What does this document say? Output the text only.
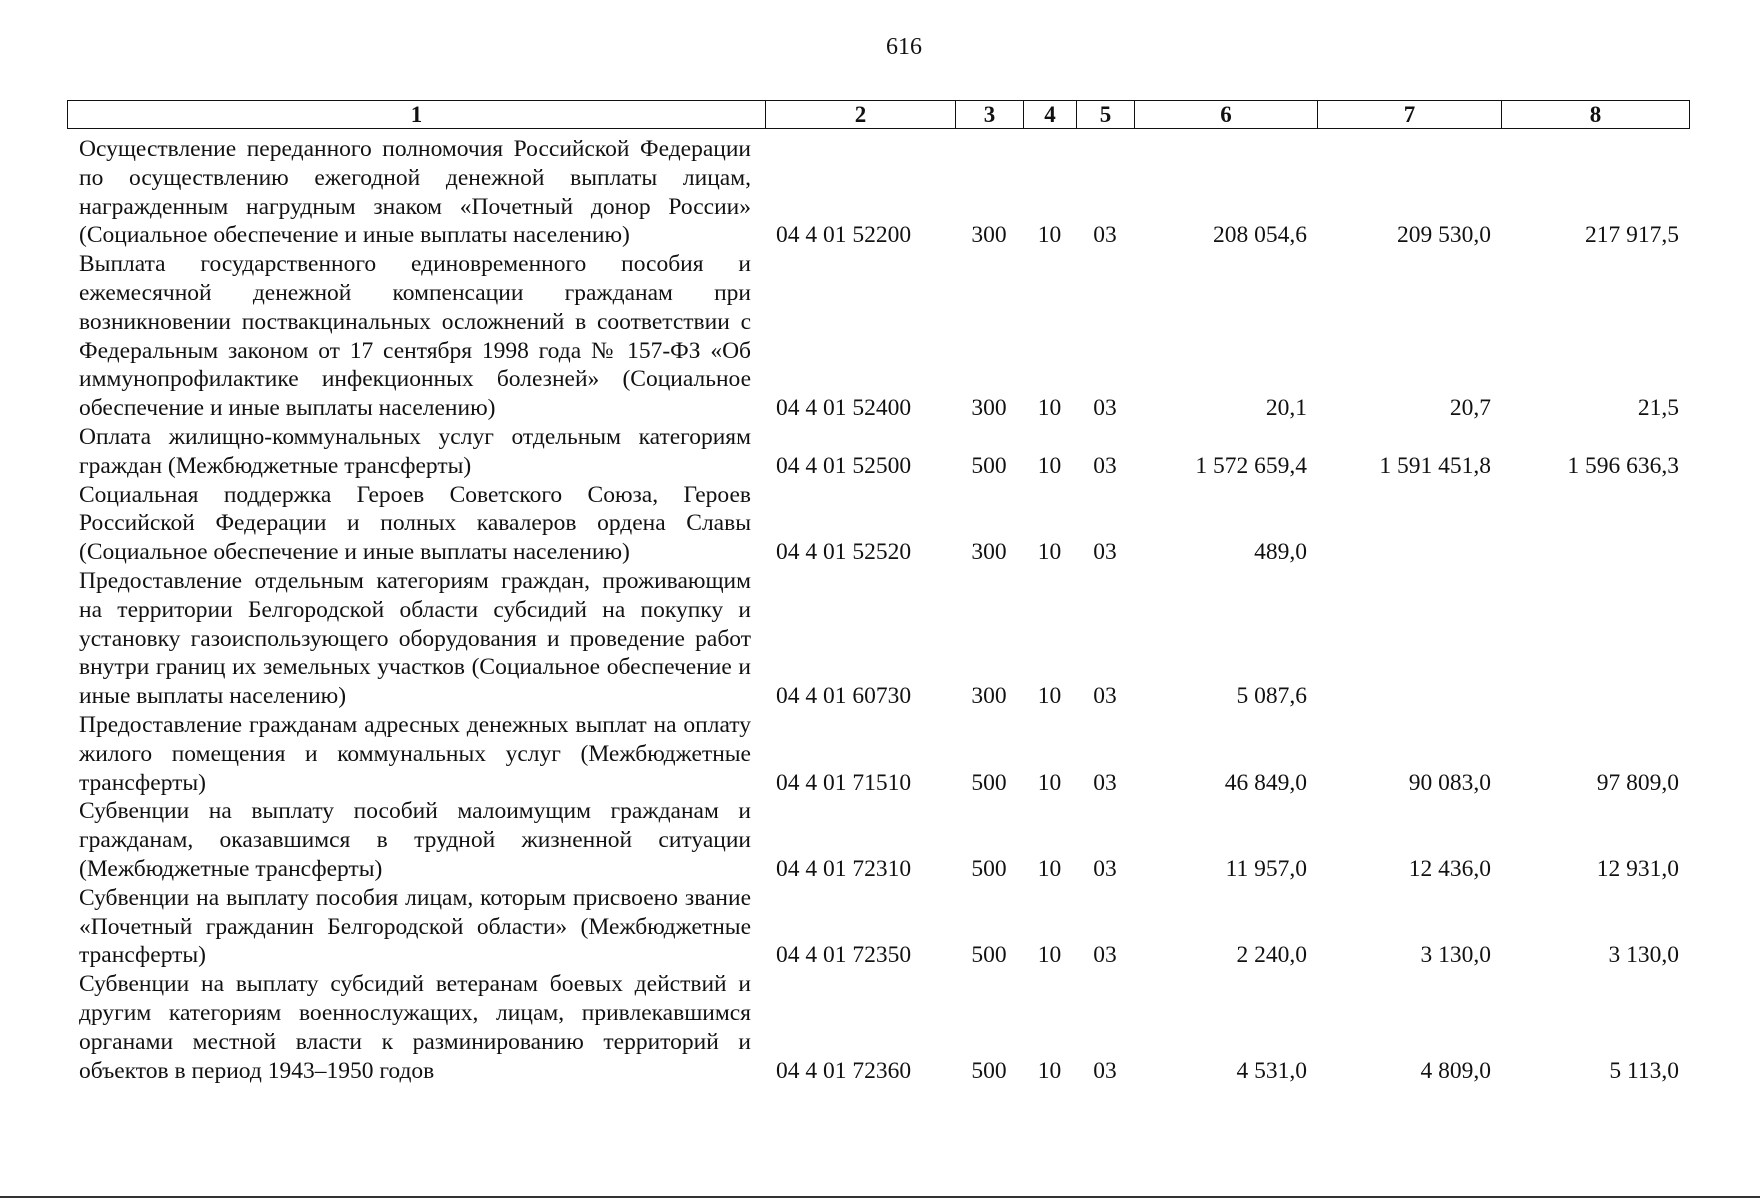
616
1	2	3	4	5	6	7	8
Осуществление переданного полномочия Российской Федерации по осуществлению ежегодной денежной выплаты лицам, награжденным нагрудным знаком «Почетный донор России» (Социальное обеспечение и иные выплаты населению)	04 4 01 52200	300	10	03	208 054,6	209 530,0	217 917,5
Выплата государственного единовременного пособия и ежемесячной денежной компенсации гражданам при возникновении поствакцинальных осложнений в соответствии с Федеральным законом от 17 сентября 1998 года № 157-ФЗ «Об иммунопрофилактике инфекционных болезней» (Социальное обеспечение и иные выплаты населению)	04 4 01 52400	300	10	03	20,1	20,7	21,5
Оплата жилищно-коммунальных услуг отдельным категориям граждан (Межбюджетные трансферты)	04 4 01 52500	500	10	03	1 572 659,4	1 591 451,8	1 596 636,3
Социальная поддержка Героев Советского Союза, Героев Российской Федерации и полных кавалеров ордена Славы (Социальное обеспечение и иные выплаты населению)	04 4 01 52520	300	10	03	489,0		
Предоставление отдельным категориям граждан, проживающим на территории Белгородской области субсидий на покупку и установку газоиспользующего оборудования и проведение работ внутри границ их земельных участков (Социальное обеспечение и иные выплаты населению)	04 4 01 60730	300	10	03	5 087,6		
Предоставление гражданам адресных денежных выплат на оплату жилого помещения и коммунальных услуг (Межбюджетные трансферты)	04 4 01 71510	500	10	03	46 849,0	90 083,0	97 809,0
Субвенции на выплату пособий малоимущим гражданам и гражданам, оказавшимся в трудной жизненной ситуации (Межбюджетные трансферты)	04 4 01 72310	500	10	03	11 957,0	12 436,0	12 931,0
Субвенции на выплату пособия лицам, которым присвоено звание «Почетный гражданин Белгородской области» (Межбюджетные трансферты)	04 4 01 72350	500	10	03	2 240,0	3 130,0	3 130,0
Субвенции на выплату субсидий ветеранам боевых действий и другим категориям военнослужащих, лицам, привлекавшимся органами местной власти к разминированию территорий и объектов в период 1943–1950 годов	04 4 01 72360	500	10	03	4 531,0	4 809,0	5 113,0
